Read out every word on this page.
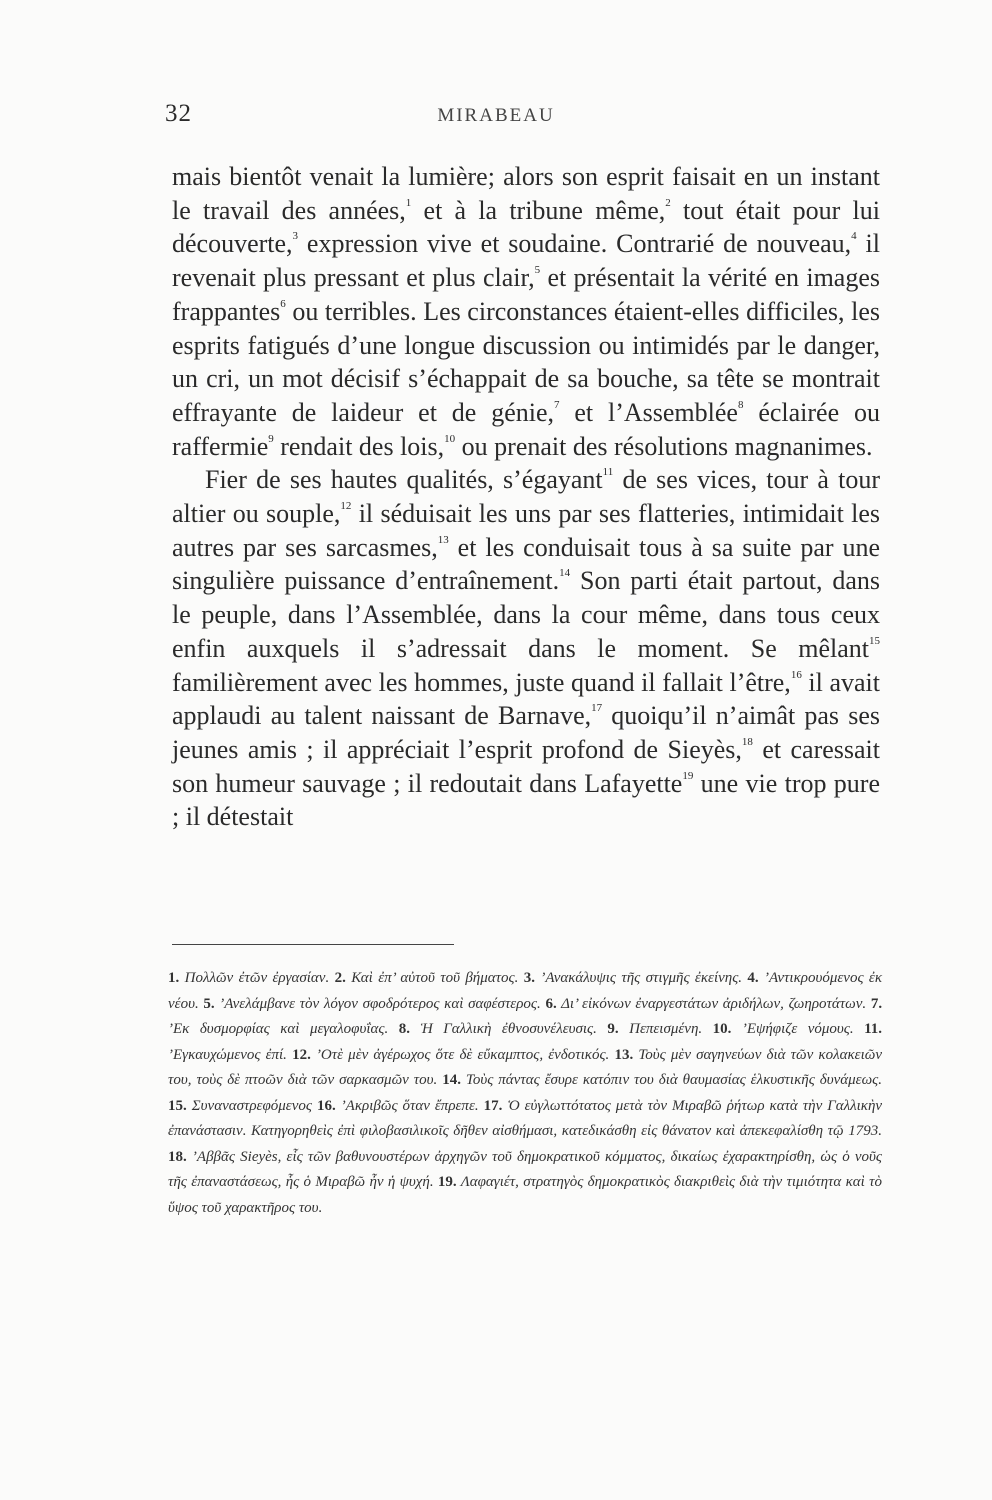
32	MIRABEAU

mais bientôt venait la lumière; alors son esprit faisait en un instant le travail des années,$^1$ et à la tribune même,$^2$ tout était pour lui découverte,$^3$ expression vive et soudaine. Contrarié de nouveau,$^4$ il revenait plus pressant et plus clair,$^5$ et présentait la vérité en images frappantes$^6$ ou terribles. Les circonstances étaient-elles difficiles, les esprits fatigués d’une longue discussion ou intimidés par le danger, un cri, un mot décisif s’échappait de sa bouche, sa tête se montrait effrayante de laideur et de génie,$^7$ et l’Assemblée$^8$ éclairée ou raffermie$^9$ rendait des lois,$^{10}$ ou prenait des résolutions magnanimes.

Fier de ses hautes qualités, s’égayant$^{11}$ de ses vices, tour à tour altier ou souple,$^{12}$ il séduisait les uns par ses flatteries, intimidait les autres par ses sarcasmes,$^{13}$ et les conduisait tous à sa suite par une singulière puissance d’entraînement.$^{14}$ Son parti était partout, dans le peuple, dans l’Assemblée, dans la cour même, dans tous ceux enfin auxquels il s’adressait dans le moment. Se mêlant$^{15}$ familièrement avec les hommes, juste quand il fallait l’être,$^{16}$ il avait applaudi au talent naissant de Barnave,$^{17}$ quoiqu’il n’aimât pas ses jeunes amis ; il appréciait l’esprit profond de Sieyès,$^{18}$ et caressait son humeur sauvage ; il redoutait dans Lafayette$^{19}$ une vie trop pure ; il détestait

1. Πολλῶν ἐτῶν ἐργασίαν. 2. Καὶ ἐπ’ αὐτοῦ τοῦ βήματος. 3. ’Ανακάλυψις τῆς στιγμῆς ἐκείνης. 4. ’Αντικρουόμενος ἐκ νέου. 5. ’Ανελάμβανε τὸν λόγον σφοδρότερος καὶ σαφέστερος. 6. Δι’ εἰκόνων ἐναργεστάτων ἀριδήλων, ζωηροτάτων. 7. ’Εκ δυσμορφίας καὶ μεγαλοφυΐας. 8. Ἡ Γαλλικὴ ἐθνοσυνέλευσις. 9. Πεπεισμένη. 10. ’Εψήφιζε νόμους. 11. ’Εγκαυχώμενος ἐπί. 12. ’Οτὲ μὲν ἀγέρωχος ὅτε δὲ εὔκαμπτος, ἐνδοτικός. 13. Τοὺς μὲν σαγηνεύων διὰ τῶν κολακειῶν του, τοὺς δὲ πτοῶν διὰ τῶν σαρκασμῶν του. 14. Τοὺς πάντας ἔσυρε κατόπιν του διὰ θαυμασίας ἑλκυστικῆς δυνάμεως. 15. Συναναστρεφόμενος 16. ’Ακριβῶς ὅταν ἔπρεπε. 17. Ὁ εὐγλωττότατος μετὰ τὸν Μιραβῶ ῥήτωρ κατὰ τὴν Γαλλικὴν ἐπανάστασιν. Κατηγορηθεὶς ἐπὶ φιλοβασιλικοῖς δῆθεν αἰσθήμασι, κατεδικάσθη εἰς θάνατον καὶ ἀπεκεφαλίσθη τῷ 1793. 18. ’Αββᾶς Sieyès, εἷς τῶν βαθυνουστέρων ἀρχηγῶν τοῦ δημοκρατικοῦ κόμματος, δικαίως ἐχαρακτηρίσθη, ὡς ὁ νοῦς τῆς ἐπαναστάσεως, ἧς ὁ Μιραβῶ ἦν ἡ ψυχή. 19. Λαφαγιέτ, στρατηγὸς δημοκρατικὸς διακριθεὶς διὰ τὴν τιμιότητα καὶ τὸ ὕψος τοῦ χαρακτῆρος του.
